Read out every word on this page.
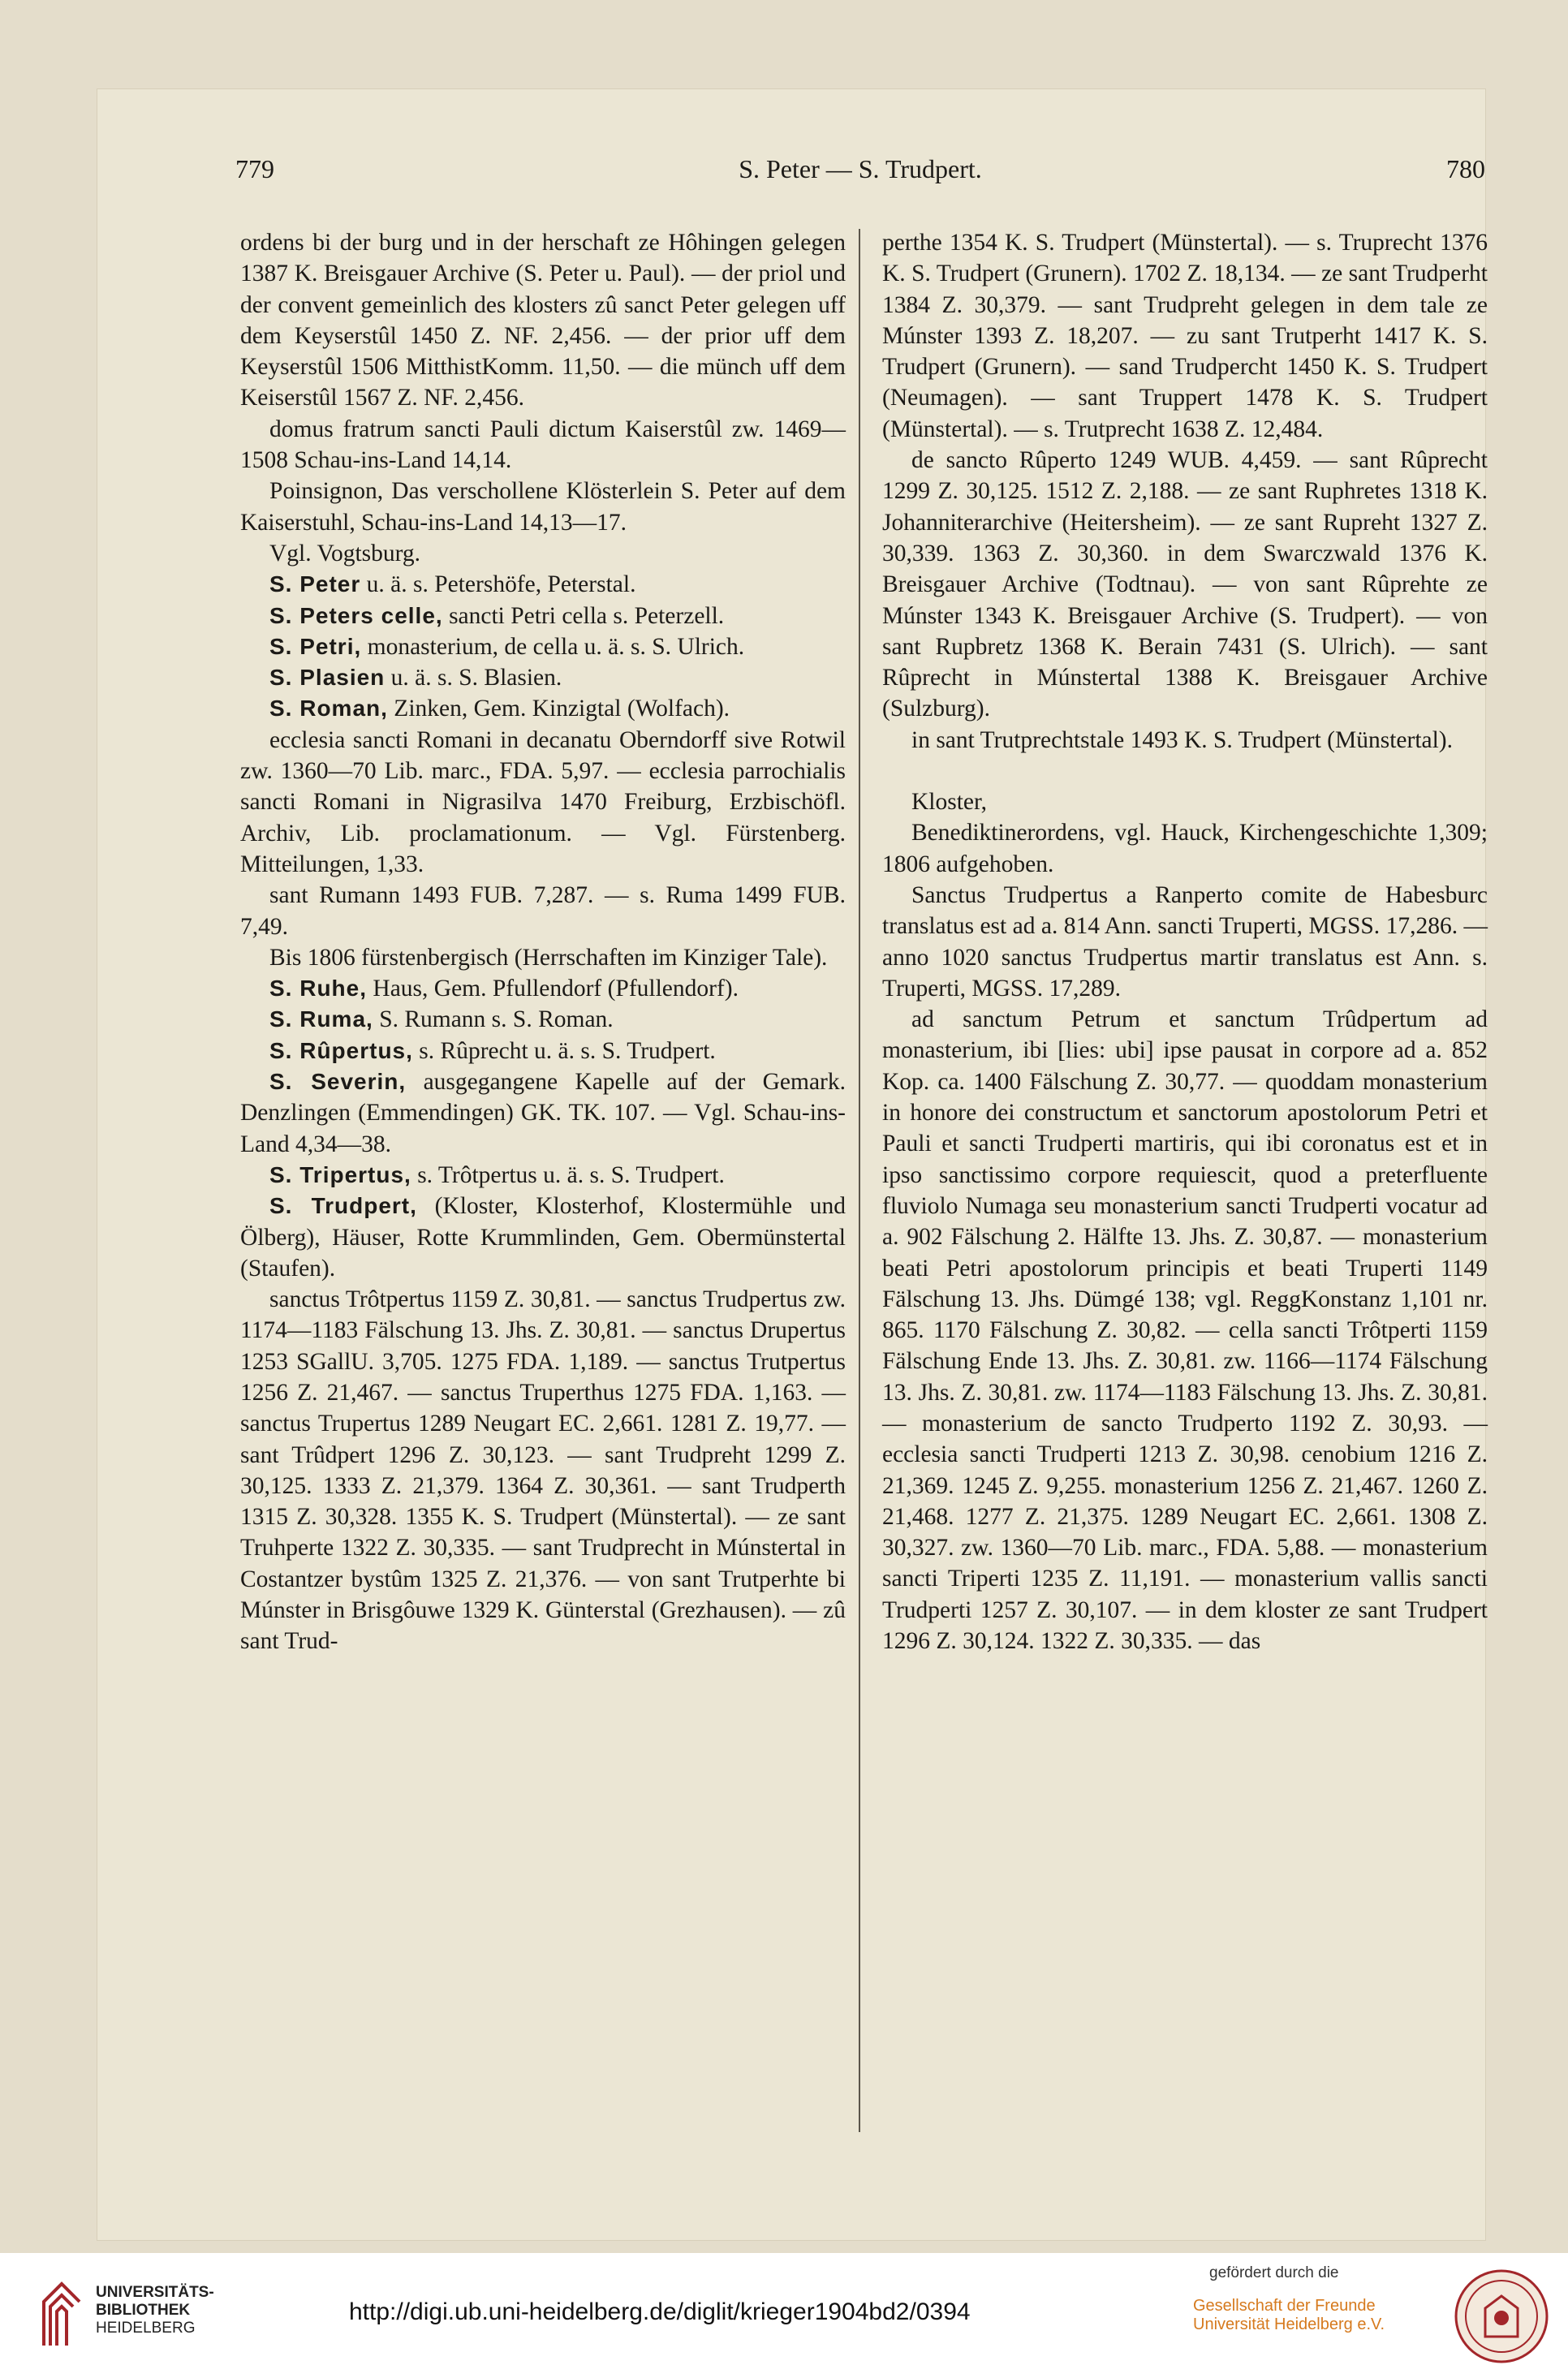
779	S. Peter — S. Trudpert.	780

ordens bi der burg und in der herschaft ze Hôhingen gelegen 1387 K. Breisgauer Archive (S. Peter u. Paul). — der priol und der convent gemeinlich des klosters zû sanct Peter gelegen uff dem Keyserstûl 1450 Z. NF. 2,456. — der prior uff dem Keyserstûl 1506 MitthistKomm. 11,50. — die münch uff dem Keiserstûl 1567 Z. NF. 2,456.

domus fratrum sancti Pauli dictum Kaiserstûl zw. 1469—1508 Schau-ins-Land 14,14.

Poinsignon, Das verschollene Klösterlein S. Peter auf dem Kaiserstuhl, Schau-ins-Land 14,13—17.

Vgl. Vogtsburg.

S. Peter u. ä. s. Petershöfe, Peterstal.

S. Peters celle, sancti Petri cella s. Peterzell.

S. Petri, monasterium, de cella u. ä. s. S. Ulrich.

S. Plasien u. ä. s. S. Blasien.

S. Roman, Zinken, Gem. Kinzigtal (Wolfach).

ecclesia sancti Romani in decanatu Oberndorff sive Rotwil zw. 1360—70 Lib. marc., FDA. 5,97. — ecclesia parrochialis sancti Romani in Nigrasilva 1470 Freiburg, Erzbischöfl. Archiv, Lib. proclamationum. — Vgl. Fürstenberg. Mitteilungen, 1,33.

sant Rumann 1493 FUB. 7,287. — s. Ruma 1499 FUB. 7,49.

Bis 1806 fürstenbergisch (Herrschaften im Kinziger Tale).

S. Ruhe, Haus, Gem. Pfullendorf (Pfullendorf).

S. Ruma, S. Rumann s. S. Roman.

S. Rûpertus, s. Rûprecht u. ä. s. S. Trudpert.

S. Severin, ausgegangene Kapelle auf der Gemark. Denzlingen (Emmendingen) GK. TK. 107. — Vgl. Schau-ins-Land 4,34—38.

S. Tripertus, s. Trôtpertus u. ä. s. S. Trudpert.

S. Trudpert, (Kloster, Klosterhof, Klostermühle und Ölberg), Häuser, Rotte Krummlinden, Gem. Obermünstertal (Staufen).

sanctus Trôtpertus 1159 Z. 30,81. — sanctus Trudpertus zw. 1174—1183 Fälschung 13. Jhs. Z. 30,81. — sanctus Drupertus 1253 SGallU. 3,705. 1275 FDA. 1,189. — sanctus Trutpertus 1256 Z. 21,467. — sanctus Truperthus 1275 FDA. 1,163. — sanctus Trupertus 1289 Neugart EC. 2,661. 1281 Z. 19,77. — sant Trûdpert 1296 Z. 30,123. — sant Trudpreht 1299 Z. 30,125. 1333 Z. 21,379. 1364 Z. 30,361. — sant Trudperth 1315 Z. 30,328. 1355 K. S. Trudpert (Münstertal). — ze sant Truhperte 1322 Z. 30,335. — sant Trudprecht in Múnstertal in Costantzer bystûm 1325 Z. 21,376. — von sant Trutperhte bi Múnster in Brisgôuwe 1329 K. Günterstal (Grezhausen). — zû sant Trud-

perthe 1354 K. S. Trudpert (Münstertal). — s. Truprecht 1376 K. S. Trudpert (Grunern). 1702 Z. 18,134. — ze sant Trudperht 1384 Z. 30,379. — sant Trudpreht gelegen in dem tale ze Múnster 1393 Z. 18,207. — zu sant Trutperht 1417 K. S. Trudpert (Grunern). — sand Trudpercht 1450 K. S. Trudpert (Neumagen). — sant Truppert 1478 K. S. Trudpert (Münstertal). — s. Trutprecht 1638 Z. 12,484.

de sancto Rûperto 1249 WUB. 4,459. — sant Rûprecht 1299 Z. 30,125. 1512 Z. 2,188. — ze sant Ruphretes 1318 K. Johanniterarchive (Heitersheim). — ze sant Rupreht 1327 Z. 30,339. 1363 Z. 30,360. in dem Swarczwald 1376 K. Breisgauer Archive (Todtnau). — von sant Rûprehte ze Múnster 1343 K. Breisgauer Archive (S. Trudpert). — von sant Rupbretz 1368 K. Berain 7431 (S. Ulrich). — sant Rûprecht in Múnstertal 1388 K. Breisgauer Archive (Sulzburg).

in sant Trutprechtstale 1493 K. S. Trudpert (Münstertal).

Kloster,

Benediktinerordens, vgl. Hauck, Kirchengeschichte 1,309; 1806 aufgehoben.

Sanctus Trudpertus a Ranperto comite de Habesburc translatus est ad a. 814 Ann. sancti Truperti, MGSS. 17,286. — anno 1020 sanctus Trudpertus martir translatus est Ann. s. Truperti, MGSS. 17,289.

ad sanctum Petrum et sanctum Trûdpertum ad monasterium, ibi [lies: ubi] ipse pausat in corpore ad a. 852 Kop. ca. 1400 Fälschung Z. 30,77. — quoddam monasterium in honore dei constructum et sanctorum apostolorum Petri et Pauli et sancti Trudperti martiris, qui ibi coronatus est et in ipso sanctissimo corpore requiescit, quod a preterfluente fluviolo Numaga seu monasterium sancti Trudperti vocatur ad a. 902 Fälschung 2. Hälfte 13. Jhs. Z. 30,87. — monasterium beati Petri apostolorum principis et beati Truperti 1149 Fälschung 13. Jhs. Dümgé 138; vgl. ReggKonstanz 1,101 nr. 865. 1170 Fälschung Z. 30,82. — cella sancti Trôtperti 1159 Fälschung Ende 13. Jhs. Z. 30,81. zw. 1166—1174 Fälschung 13. Jhs. Z. 30,81. zw. 1174—1183 Fälschung 13. Jhs. Z. 30,81. — monasterium de sancto Trudperto 1192 Z. 30,93. — ecclesia sancti Trudperti 1213 Z. 30,98. cenobium 1216 Z. 21,369. 1245 Z. 9,255. monasterium 1256 Z. 21,467. 1260 Z. 21,468. 1277 Z. 21,375. 1289 Neugart EC. 2,661. 1308 Z. 30,327. zw. 1360—70 Lib. marc., FDA. 5,88. — monasterium sancti Triperti 1235 Z. 11,191. — monasterium vallis sancti Trudperti 1257 Z. 30,107. — in dem kloster ze sant Trudpert 1296 Z. 30,124. 1322 Z. 30,335. — das

UNIVERSITÄTS-
BIBLIOTHEK
HEIDELBERG
http://digi.ub.uni-heidelberg.de/diglit/krieger1904bd2/0394
gefördert durch die
Gesellschaft der Freunde
Universität Heidelberg e.V.
